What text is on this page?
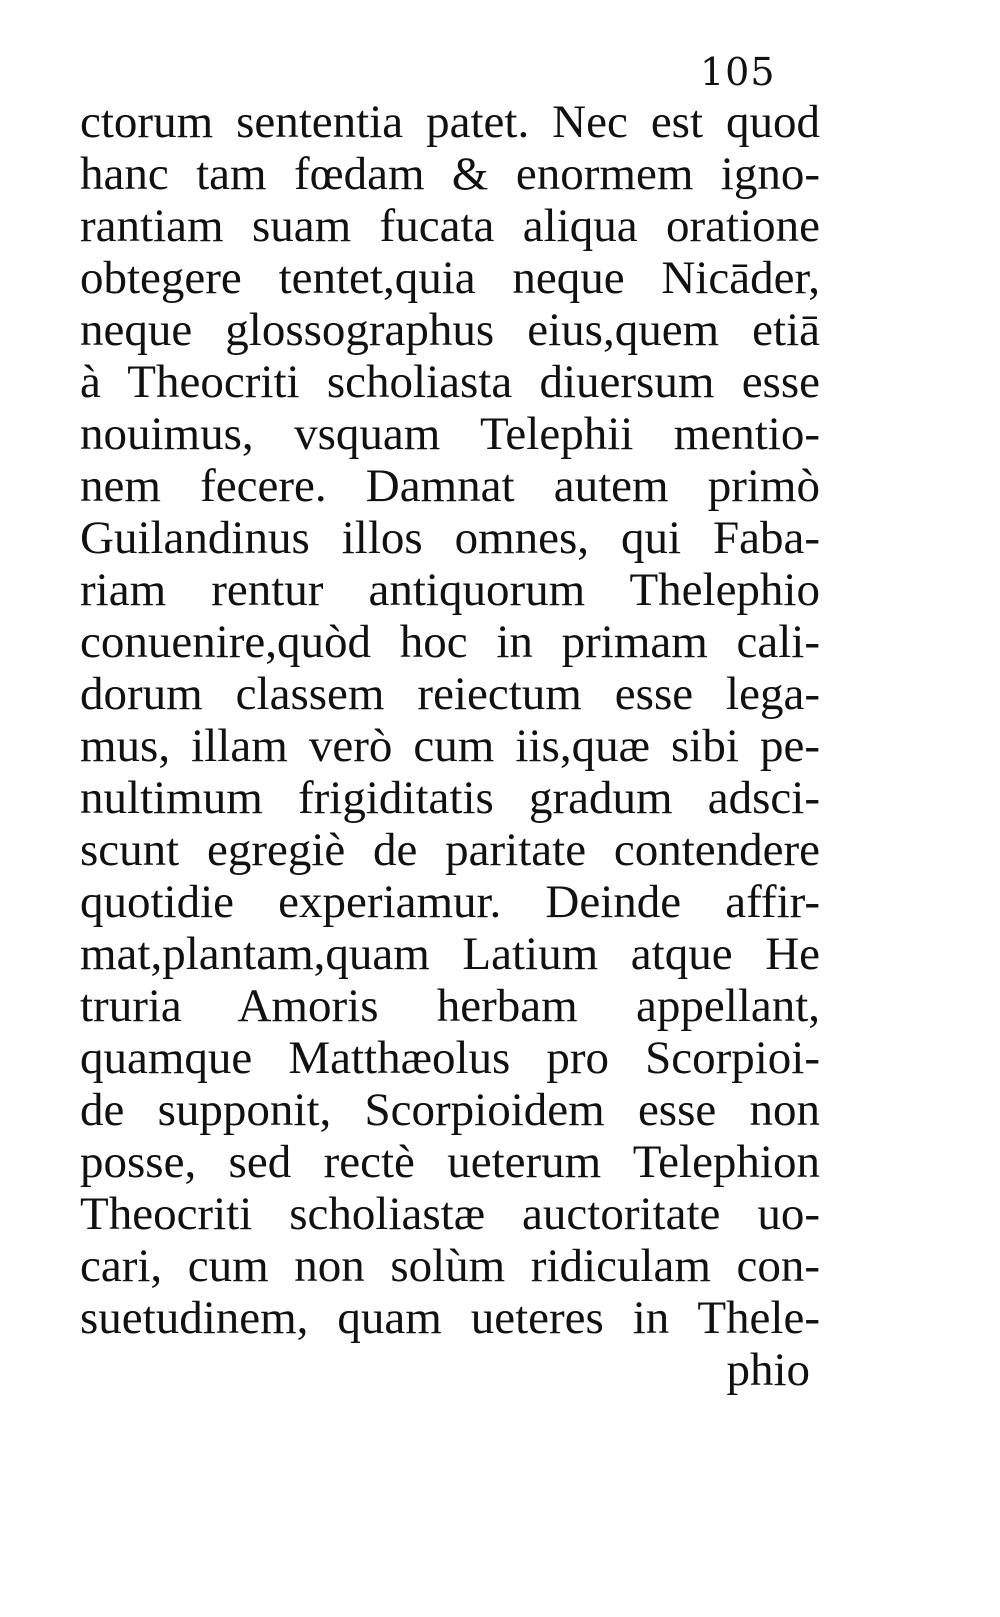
105
ctorum sententia patet. Nec est quod
hanc tam fœdam & enormem igno-
rantiam suam fucata aliqua oratione
obtegere tentet,quia neque Nicāder,
neque glossographus eius,quem etiā
à Theocriti scholiasta diuersum esse
nouimus, vsquam Telephii mentio-
nem fecere. Damnat autem primò
Guilandinus illos omnes, qui Faba-
riam rentur antiquorum Thelephio
conuenire,quòd hoc in primam cali-
dorum classem reiectum esse lega-
mus, illam verò cum iis,quæ sibi pe-
nultimum frigiditatis gradum adsci-
scunt egregiè de paritate contendere
quotidie experiamur. Deinde affir-
mat,plantam,quam Latium atque He
truria Amoris herbam appellant,
quamque Matthæolus pro Scorpioi-
de supponit, Scorpioidem esse non
posse, sed rectè ueterum Telephion
Theocriti scholiastæ auctoritate uo-
cari, cum non solùm ridiculam con-
suetudinem, quam ueteres in Thele-
phio
